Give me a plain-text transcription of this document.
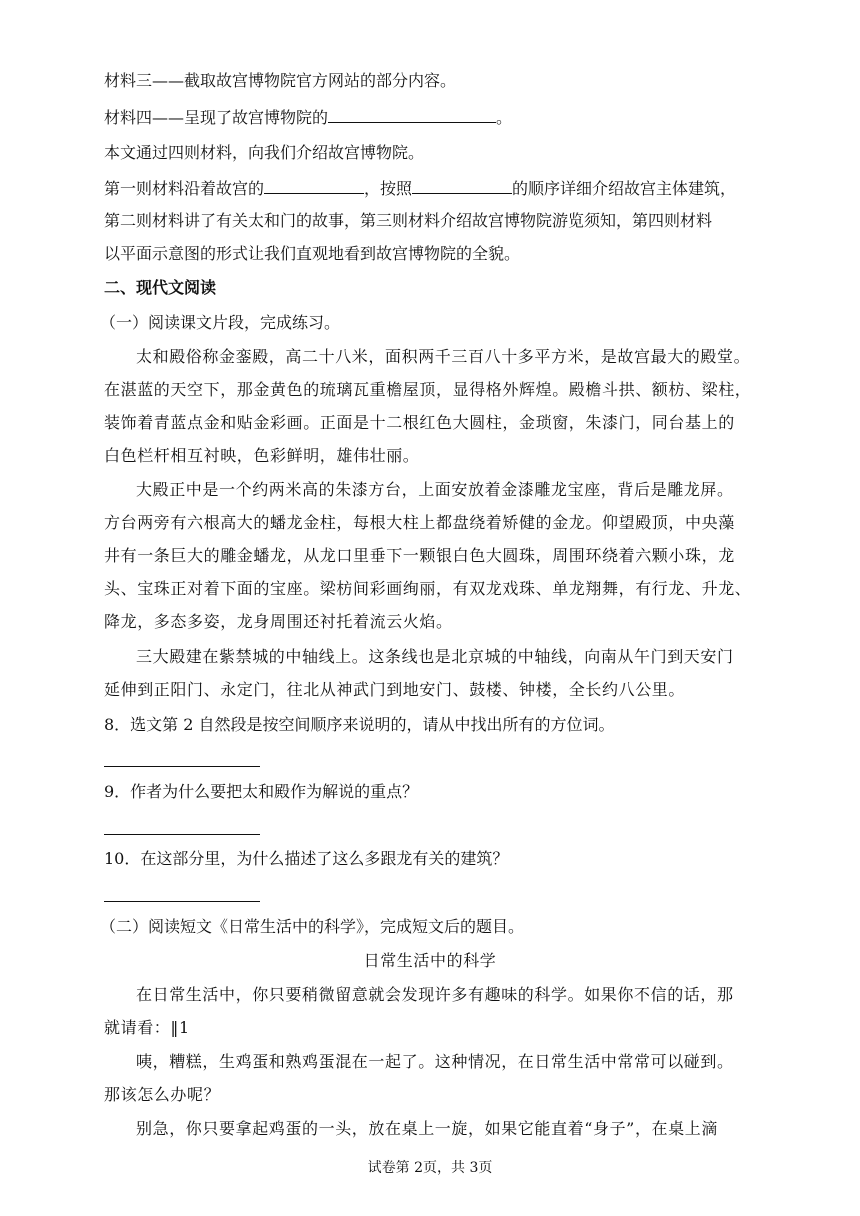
材料三——截取故宫博物院官方网站的部分内容。
材料四——呈现了故宫博物院的	。
本文通过四则材料，向我们介绍故宫博物院。
第一则材料沿着故宫的	，按照	的顺序详细介绍故宫主体建筑，
第二则材料讲了有关太和门的故事，第三则材料介绍故宫博物院游览须知，第四则材料
以平面示意图的形式让我们直观地看到故宫博物院的全貌。
二、现代文阅读
（一）阅读课文片段，完成练习。
太和殿俗称金銮殿，高二十八米，面积两千三百八十多平方米，是故宫最大的殿堂。
在湛蓝的天空下，那金黄色的琉璃瓦重檐屋顶，显得格外辉煌。殿檐斗拱、额枋、梁柱，
装饰着青蓝点金和贴金彩画。正面是十二根红色大圆柱，金琐窗，朱漆门，同台基上的
白色栏杆相互衬映，色彩鲜明，雄伟壮丽。
大殿正中是一个约两米高的朱漆方台，上面安放着金漆雕龙宝座，背后是雕龙屏。
方台两旁有六根高大的蟠龙金柱，每根大柱上都盘绕着矫健的金龙。仰望殿顶，中央藻
井有一条巨大的雕金蟠龙，从龙口里垂下一颗银白色大圆珠，周围环绕着六颗小珠，龙
头、宝珠正对着下面的宝座。梁枋间彩画绚丽，有双龙戏珠、单龙翔舞，有行龙、升龙、
降龙，多态多姿，龙身周围还衬托着流云火焰。
三大殿建在紫禁城的中轴线上。这条线也是北京城的中轴线，向南从午门到天安门
延伸到正阳门、永定门，往北从神武门到地安门、鼓楼、钟楼，全长约八公里。
8．选文第 2 自然段是按空间顺序来说明的，请从中找出所有的方位词。
9．作者为什么要把太和殿作为解说的重点？
10．在这部分里，为什么描述了这么多跟龙有关的建筑？
（二）阅读短文《日常生活中的科学》，完成短文后的题目。
日常生活中的科学
在日常生活中，你只要稍微留意就会发现许多有趣味的科学。如果你不信的话，那
就请看：‖1
咦，糟糕，生鸡蛋和熟鸡蛋混在一起了。这种情况，在日常生活中常常可以碰到。
那该怎么办呢？
别急，你只要拿起鸡蛋的一头，放在桌上一旋，如果它能直着“身子”，在桌上滴
试卷第 2页，共 3页
